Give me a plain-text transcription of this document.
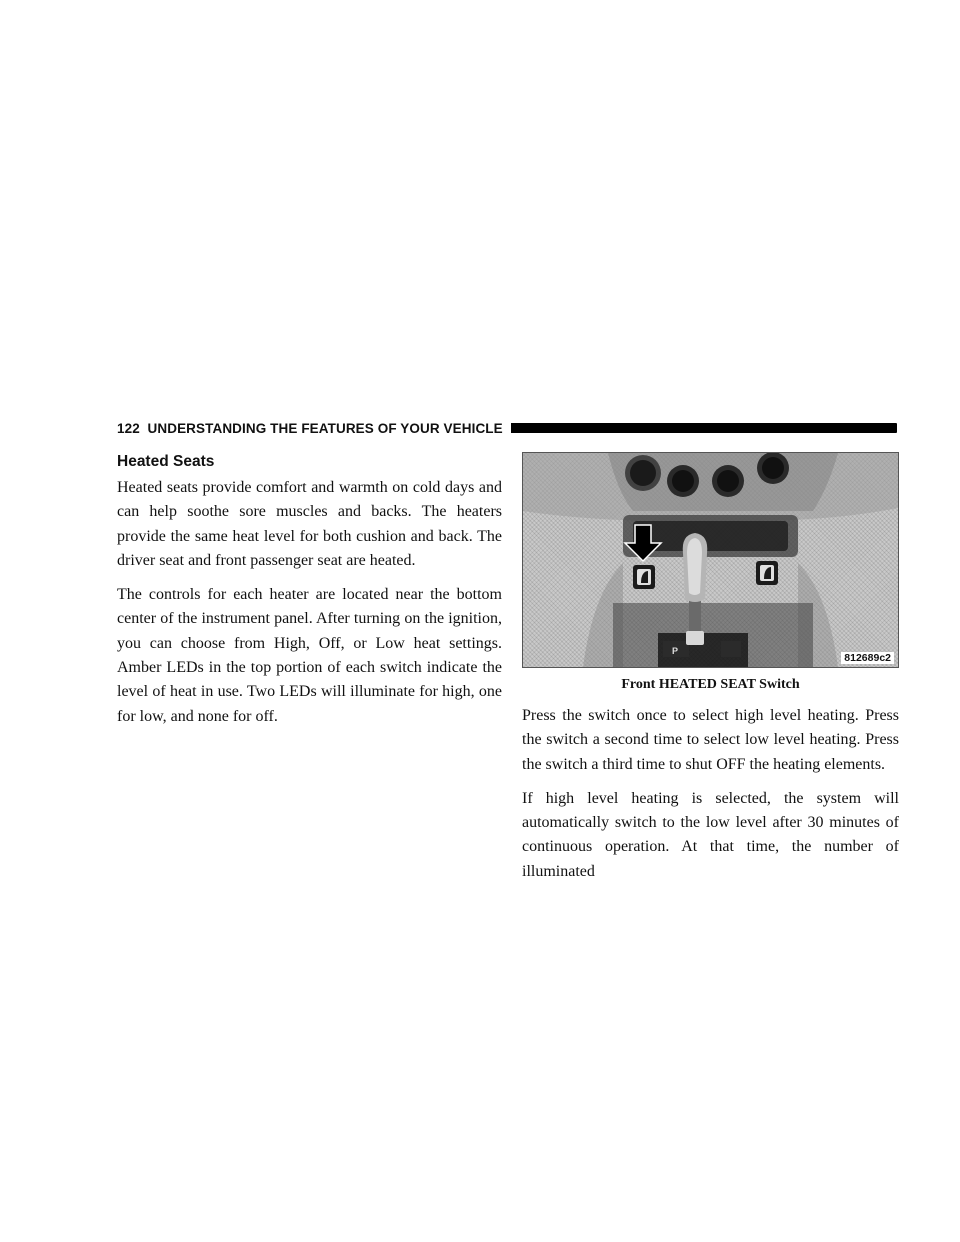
122 UNDERSTANDING THE FEATURES OF YOUR VEHICLE
Heated Seats

Heated seats provide comfort and warmth on cold days and can help soothe sore muscles and backs. The heaters provide the same heat level for both cushion and back. The driver seat and front passenger seat are heated.

The controls for each heater are located near the bottom center of the instrument panel. After turning on the ignition, you can choose from High, Off, or Low heat settings. Amber LEDs in the top portion of each switch indicate the level of heat in use. Two LEDs will illuminate for high, one for low, and none for off.

P
812689c2
Front HEATED SEAT Switch

Press the switch once to select high level heating. Press the switch a second time to select low level heating. Press the switch a third time to shut OFF the heating elements.

If high level heating is selected, the system will automatically switch to the low level after 30 minutes of continuous operation. At that time, the number of illuminated
